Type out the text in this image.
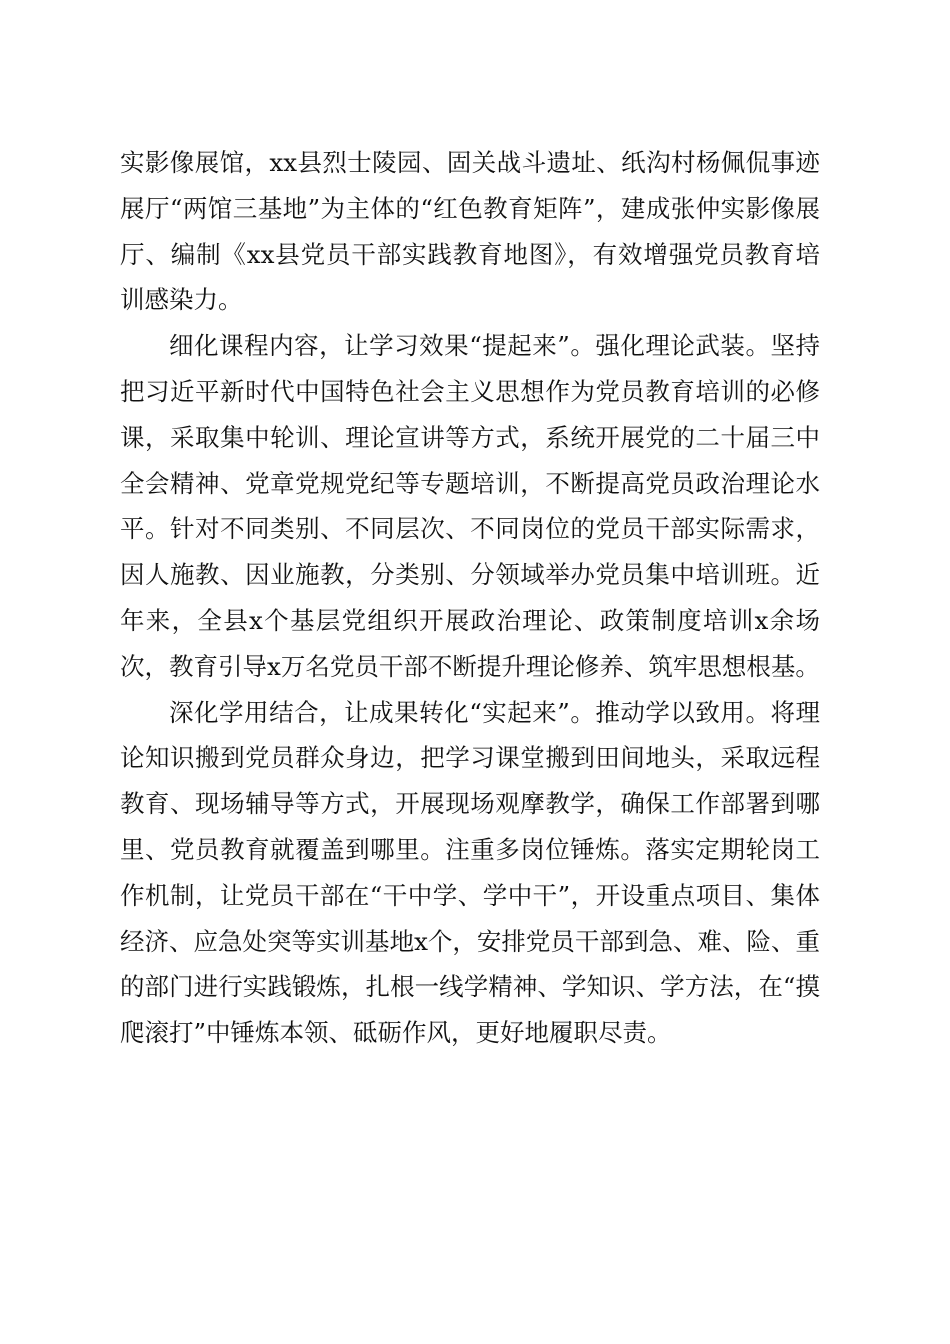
实影像展馆，xx县烈士陵园、固关战斗遗址、纸沟村杨佩侃事迹展厅“两馆三基地”为主体的“红色教育矩阵”，建成张仲实影像展厅、编制《xx县党员干部实践教育地图》，有效增强党员教育培训感染力。

细化课程内容，让学习效果“提起来”。强化理论武装。坚持把习近平新时代中国特色社会主义思想作为党员教育培训的必修课，采取集中轮训、理论宣讲等方式，系统开展党的二十届三中全会精神、党章党规党纪等专题培训，不断提高党员政治理论水平。针对不同类别、不同层次、不同岗位的党员干部实际需求，因人施教、因业施教，分类别、分领域举办党员集中培训班。近年来，全县x个基层党组织开展政治理论、政策制度培训x余场次，教育引导x万名党员干部不断提升理论修养、筑牢思想根基。

深化学用结合，让成果转化“实起来”。推动学以致用。将理论知识搬到党员群众身边，把学习课堂搬到田间地头，采取远程教育、现场辅导等方式，开展现场观摩教学，确保工作部署到哪里、党员教育就覆盖到哪里。注重多岗位锤炼。落实定期轮岗工作机制，让党员干部在“干中学、学中干”，开设重点项目、集体经济、应急处突等实训基地x个，安排党员干部到急、难、险、重的部门进行实践锻炼，扎根一线学精神、学知识、学方法，在“摸爬滚打”中锤炼本领、砥砺作风，更好地履职尽责。
